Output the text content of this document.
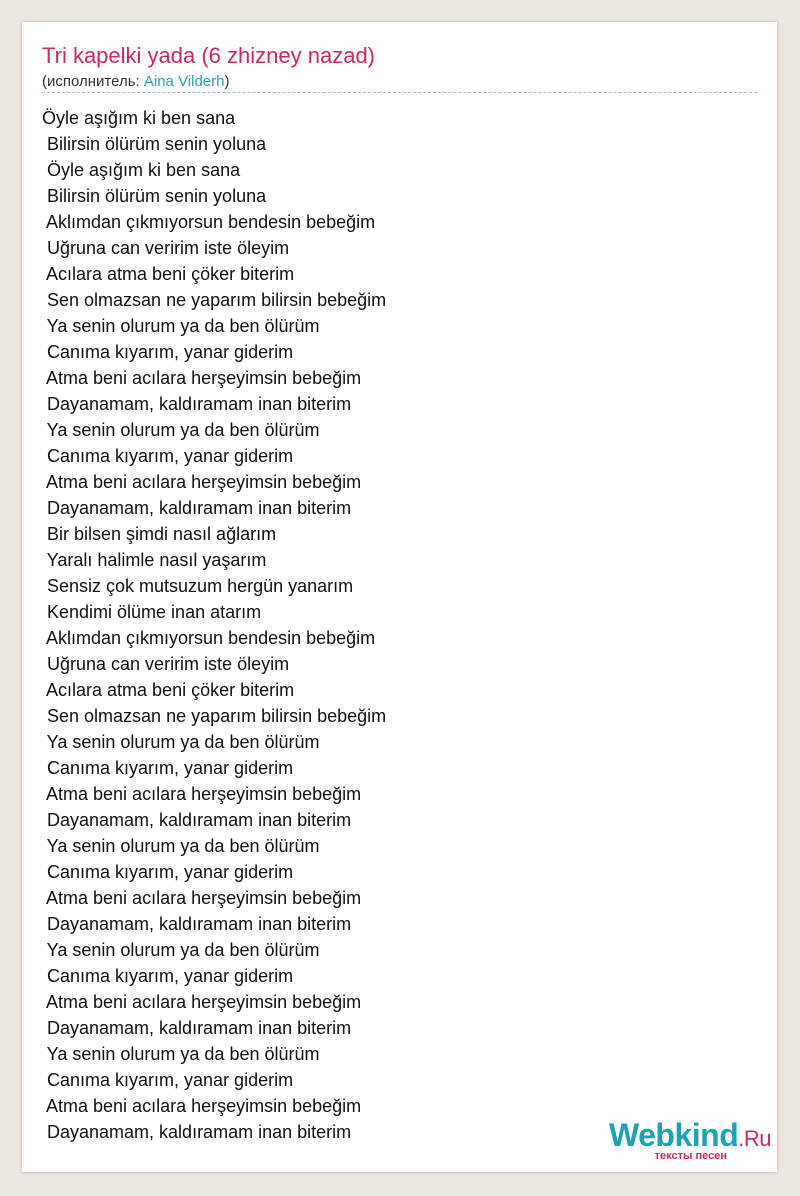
Tri kapelki yada (6 zhizney nazad)
(исполнитель: Aina Vilderh)
Öyle aşığım ki ben sana
Bilirsin ölürüm senin yoluna
Öyle aşığım ki ben sana
Bilirsin ölürüm senin yoluna
Aklımdan çıkmıyorsun bendesin bebeğim
Uğruna can veririm iste öleyim
Acılara atma beni çöker biterim
Sen olmazsan ne yaparım bilirsin bebeğim
Ya senin olurum ya da ben ölürüm
Canıma kıyarım, yanar giderim
Atma beni acılara herşeyimsin bebeğim
Dayanamam, kaldıramam inan biterim
Ya senin olurum ya da ben ölürüm
Canıma kıyarım, yanar giderim
Atma beni acılara herşeyimsin bebeğim
Dayanamam, kaldıramam inan biterim
Bir bilsen şimdi nasıl ağlarım
Yaralı halimle nasıl yaşarım
Sensiz çok mutsuzum hergün yanarım
Kendimi ölüme inan atarım
Aklımdan çıkmıyorsun bendesin bebeğim
Uğruna can veririm iste öleyim
Acılara atma beni çöker biterim
Sen olmazsan ne yaparım bilirsin bebeğim
Ya senin olurum ya da ben ölürüm
Canıma kıyarım, yanar giderim
Atma beni acılara herşeyimsin bebeğim
Dayanamam, kaldıramam inan biterim
Ya senin olurum ya da ben ölürüm
Canıma kıyarım, yanar giderim
Atma beni acılara herşeyimsin bebeğim
Dayanamam, kaldıramam inan biterim
Ya senin olurum ya da ben ölürüm
Canıma kıyarım, yanar giderim
Atma beni acılara herşeyimsin bebeğim
Dayanamam, kaldıramam inan biterim
Ya senin olurum ya da ben ölürüm
Canıma kıyarım, yanar giderim
Atma beni acılara herşeyimsin bebeğim
Dayanamam, kaldıramam inan biterim	Webkind.Ru
тексты песен
